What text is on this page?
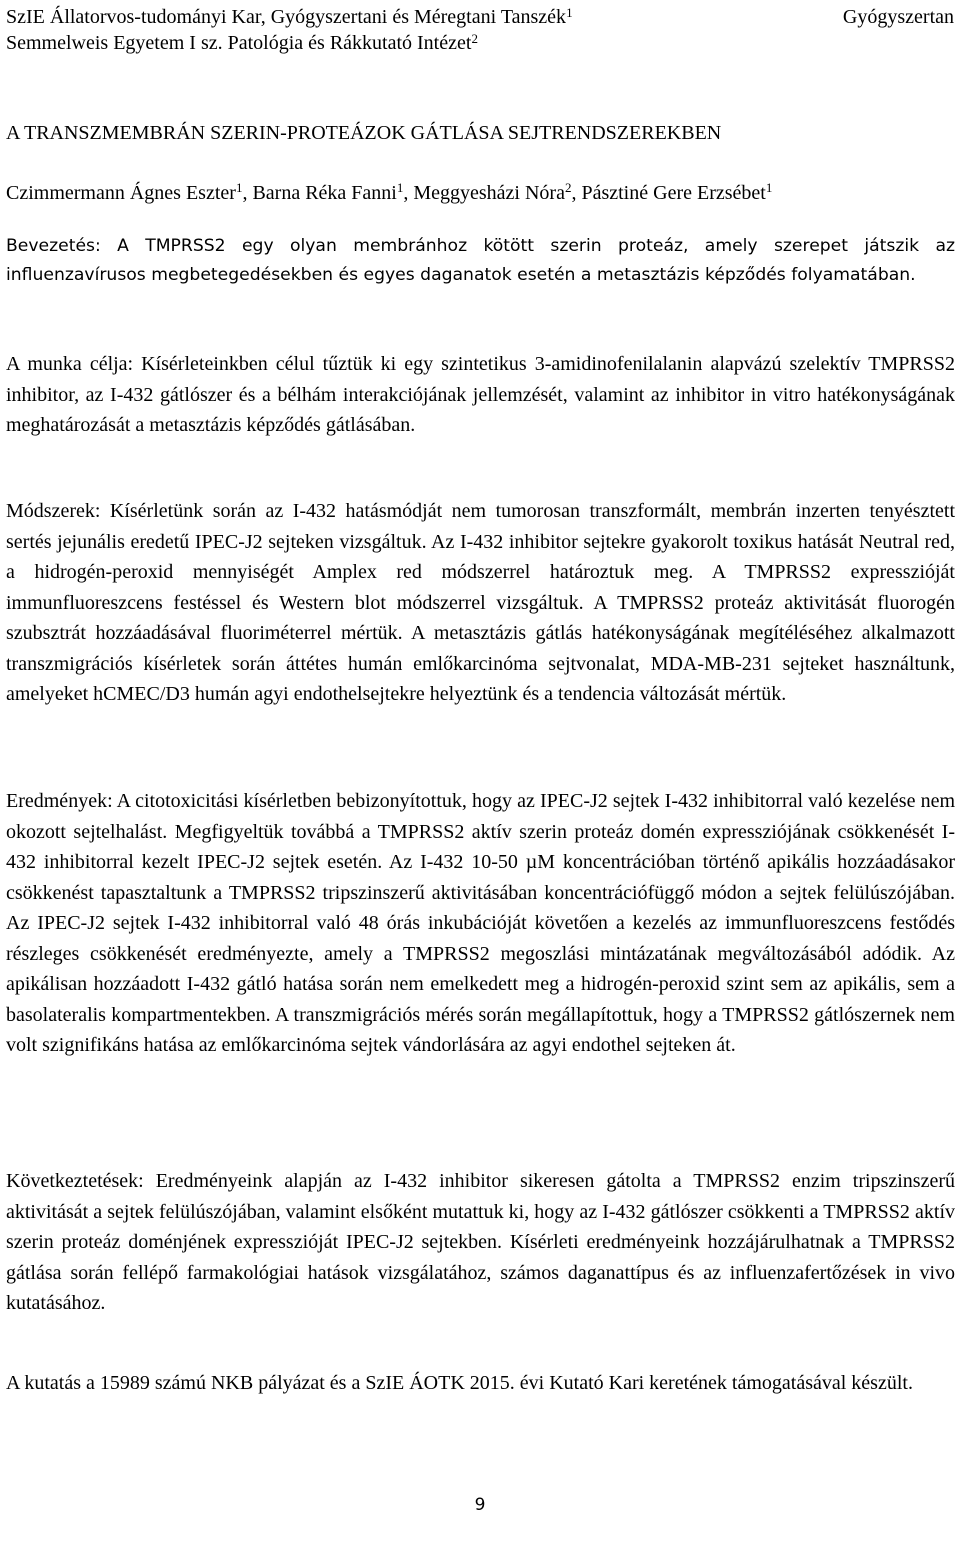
SzIE Állatorvos-tudományi Kar, Gyógyszertani és Méregtani Tanszék$^1$
Semmelweis Egyetem I sz. Patológia és Rákkutató Intézet$^2$
Gyógyszertan
A TRANSZMEMBRÁN SZERIN-PROTEÁZOK GÁTLÁSA SEJTRENDSZEREKBEN
Czimmermann Ágnes Eszter$^1$, Barna Réka Fanni$^1$, Meggyesházi Nóra$^2$, Pásztiné Gere Erzsébet$^1$

Bevezetés: A TMPRSS2 egy olyan membránhoz kötött szerin proteáz, amely szerepet játszik az influenzavírusos megbetegedésekben és egyes daganatok esetén a metasztázis képződés folyamatában.

A munka célja: Kísérleteinkben célul tűztük ki egy szintetikus 3-amidinofenilalanin alapvázú szelektív TMPRSS2 inhibitor, az I-432 gátlószer és a bélhám interakciójának jellemzését, valamint az inhibitor in vitro hatékonyságának meghatározását a metasztázis képződés gátlásában.

Módszerek: Kísérletünk során az I-432 hatásmódját nem tumorosan transzformált, membrán inzerten tenyésztett sertés jejunális eredetű IPEC-J2 sejteken vizsgáltuk. Az I-432 inhibitor sejtekre gyakorolt toxikus hatását Neutral red, a hidrogén-peroxid mennyiségét Amplex red módszerrel határoztuk meg. A TMPRSS2 expresszióját immunfluoreszcens festéssel és Western blot módszerrel vizsgáltuk. A TMPRSS2 proteáz aktivitását fluorogén szubsztrát hozzáadásával fluoriméterrel mértük. A metasztázis gátlás hatékonyságának megítéléséhez alkalmazott transzmigrációs kísérletek során áttétes humán emlőkarcinóma sejtvonalat, MDA-MB-231 sejteket használtunk, amelyeket hCMEC/D3 humán agyi endothelsejtekre helyeztünk és a tendencia változását mértük.

Eredmények: A citotoxicitási kísérletben bebizonyítottuk, hogy az IPEC-J2 sejtek I-432 inhibitorral való kezelése nem okozott sejtelhalást. Megfigyeltük továbbá a TMPRSS2 aktív szerin proteáz domén expressziójának csökkenését I-432 inhibitorral kezelt IPEC-J2 sejtek esetén. Az I-432 10-50 µM koncentrációban történő apikális hozzáadásakor csökkenést tapasztaltunk a TMPRSS2 tripszinszerű aktivitásában koncentrációfüggő módon a sejtek felülúszójában. Az IPEC-J2 sejtek I-432 inhibitorral való 48 órás inkubációját követően a kezelés az immunfluoreszcens festődés részleges csökkenését eredményezte, amely a TMPRSS2 megoszlási mintázatának megváltozásából adódik. Az apikálisan hozzáadott I-432 gátló hatása során nem emelkedett meg a hidrogén-peroxid szint sem az apikális, sem a basolateralis kompartmentekben. A transzmigrációs mérés során megállapítottuk, hogy a TMPRSS2 gátlószernek nem volt szignifikáns hatása az emlőkarcinóma sejtek vándorlására az agyi endothel sejteken át.

Következtetések: Eredményeink alapján az I-432 inhibitor sikeresen gátolta a TMPRSS2 enzim tripszinszerű aktivitását a sejtek felülúszójában, valamint elsőként mutattuk ki, hogy az I-432 gátlószer csökkenti a TMPRSS2 aktív szerin proteáz doménjének expresszióját IPEC-J2 sejtekben. Kísérleti eredményeink hozzájárulhatnak a TMPRSS2 gátlása során fellépő farmakológiai hatások vizsgálatához, számos daganattípus és az influenzafertőzések in vivo kutatásához.

A kutatás a 15989 számú NKB pályázat és a SzIE ÁOTK 2015. évi Kutató Kari keretének támogatásával készült.

9
